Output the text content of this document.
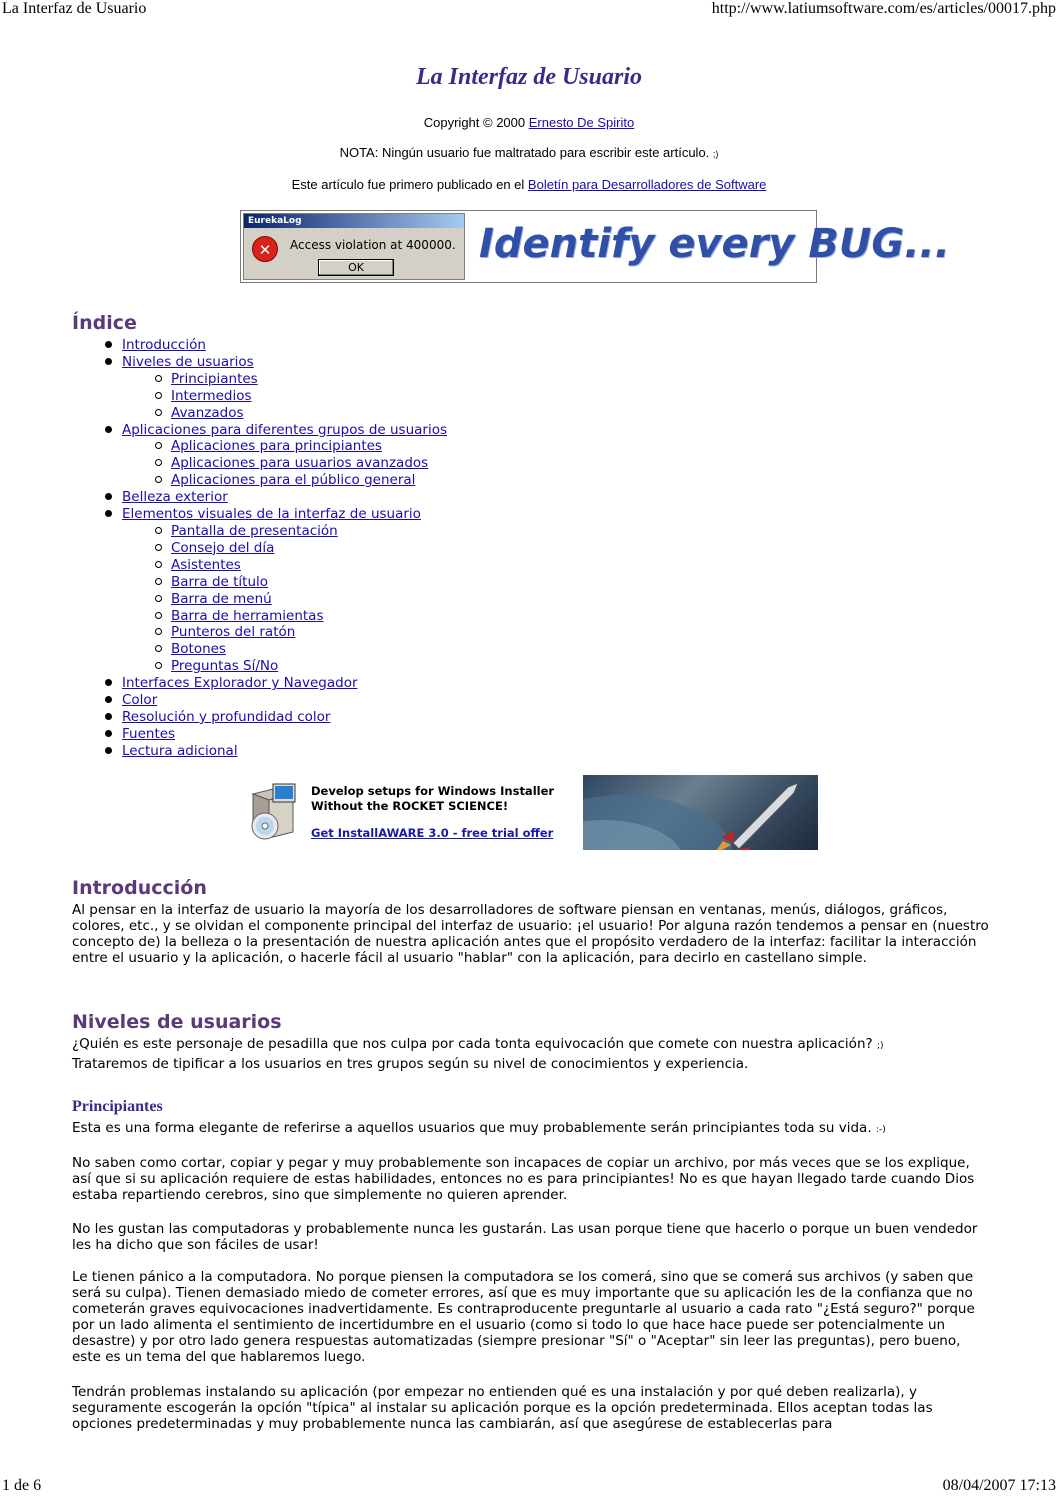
La Interfaz de Usuario	http://www.latiumsoftware.com/es/articles/00017.php
La Interfaz de Usuario
Copyright © 2000 Ernesto De Spirito
NOTA: Ningún usuario fue maltratado para escribir este artículo. ;)
Este artículo fue primero publicado en el Boletín para Desarrolladores de Software
EurekaLog
✕	Access violation at 400000.
OK
Identify every BUG...
Índice
Introducción
Niveles de usuarios
Principiantes
Intermedios
Avanzados
Aplicaciones para diferentes grupos de usuarios
Aplicaciones para principiantes
Aplicaciones para usuarios avanzados
Aplicaciones para el público general
Belleza exterior
Elementos visuales de la interfaz de usuario
Pantalla de presentación
Consejo del día
Asistentes
Barra de título
Barra de menú
Barra de herramientas
Punteros del ratón
Botones
Preguntas Sí/No
Interfaces Explorador y Navegador
Color
Resolución y profundidad color
Fuentes
Lectura adicional
Develop setups for Windows Installer
Without the ROCKET SCIENCE!
Get InstallAWARE 3.0 - free trial offer
Introducción

Al pensar en la interfaz de usuario la mayoría de los desarrolladores de software piensan en ventanas, menús, diálogos, gráficos, colores, etc., y se olvidan el componente principal del interfaz de usuario: ¡el usuario! Por alguna razón tendemos a pensar en (nuestro concepto de) la belleza o la presentación de nuestra aplicación antes que el propósito verdadero de la interfaz: facilitar la interacción entre el usuario y la aplicación, o hacerle fácil al usuario "hablar" con la aplicación, para decirlo en castellano simple.

Niveles de usuarios

¿Quién es este personaje de pesadilla que nos culpa por cada tonta equivocación que comete con nuestra aplicación? ;)

Trataremos de tipificar a los usuarios en tres grupos según su nivel de conocimientos y experiencia.

Principiantes

Esta es una forma elegante de referirse a aquellos usuarios que muy probablemente serán principiantes toda su vida. :-)

No saben como cortar, copiar y pegar y muy probablemente son incapaces de copiar un archivo, por más veces que se los explique, así que si su aplicación requiere de estas habilidades, entonces no es para principiantes! No es que hayan llegado tarde cuando Dios estaba repartiendo cerebros, sino que simplemente no quieren aprender.

No les gustan las computadoras y probablemente nunca les gustarán. Las usan porque tiene que hacerlo o porque un buen vendedor les ha dicho que son fáciles de usar!

Le tienen pánico a la computadora. No porque piensen la computadora se los comerá, sino que se comerá sus archivos (y saben que será su culpa). Tienen demasiado miedo de cometer errores, así que es muy importante que su aplicación les de la confianza que no cometerán graves equivocaciones inadvertidamente. Es contraproducente preguntarle al usuario a cada rato "¿Está seguro?" porque por un lado alimenta el sentimiento de incertidumbre en el usuario (como si todo lo que hace hace puede ser potencialmente un desastre) y por otro lado genera respuestas automatizadas (siempre presionar "Sí" o "Aceptar" sin leer las preguntas), pero bueno, este es un tema del que hablaremos luego.

Tendrán problemas instalando su aplicación (por empezar no entienden qué es una instalación y por qué deben realizarla), y seguramente escogerán la opción "típica" al instalar su aplicación porque es la opción predeterminada. Ellos aceptan todas las opciones predeterminadas y muy probablemente nunca las cambiarán, así que asegúrese de establecerlas para

1 de 6	08/04/2007 17:13
